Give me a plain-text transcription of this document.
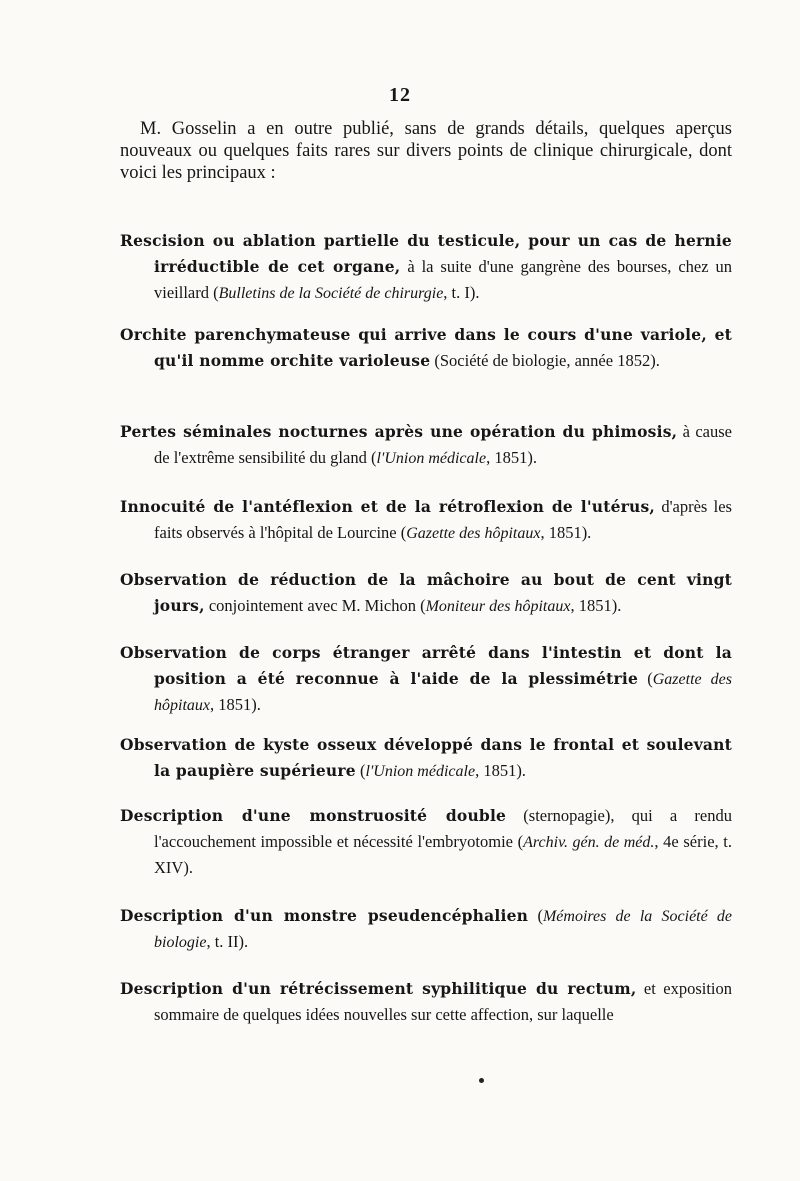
12

M. Gosselin a en outre publié, sans de grands détails, quelques aperçus nouveaux ou quelques faits rares sur divers points de clinique chirurgicale, dont voici les principaux :

Rescision ou ablation partielle du testicule, pour un cas de hernie irréductible de cet organe, à la suite d'une gangrène des bourses, chez un vieillard (Bulletins de la Société de chirurgie, t. I).
Orchite parenchymateuse qui arrive dans le cours d'une variole, et qu'il nomme orchite varioleuse (Société de biologie, année 1852).
Pertes séminales nocturnes après une opération du phimosis, à cause de l'extrême sensibilité du gland (l'Union médicale, 1851).
Innocuité de l'antéflexion et de la rétroflexion de l'utérus, d'après les faits observés à l'hôpital de Lourcine (Gazette des hôpitaux, 1851).
Observation de réduction de la mâchoire au bout de cent vingt jours, conjointement avec M. Michon (Moniteur des hôpitaux, 1851).
Observation de corps étranger arrêté dans l'intestin et dont la position a été reconnue à l'aide de la plessimétrie (Gazette des hôpitaux, 1851).
Observation de kyste osseux développé dans le frontal et soulevant la paupière supérieure (l'Union médicale, 1851).
Description d'une monstruosité double (sternopagie), qui a rendu l'accouchement impossible et nécessité l'embryotomie (Archiv. gén. de méd., 4e série, t. XIV).
Description d'un monstre pseudencéphalien (Mémoires de la Société de biologie, t. II).
Description d'un rétrécissement syphilitique du rectum, et exposition sommaire de quelques idées nouvelles sur cette affection, sur laquelle
